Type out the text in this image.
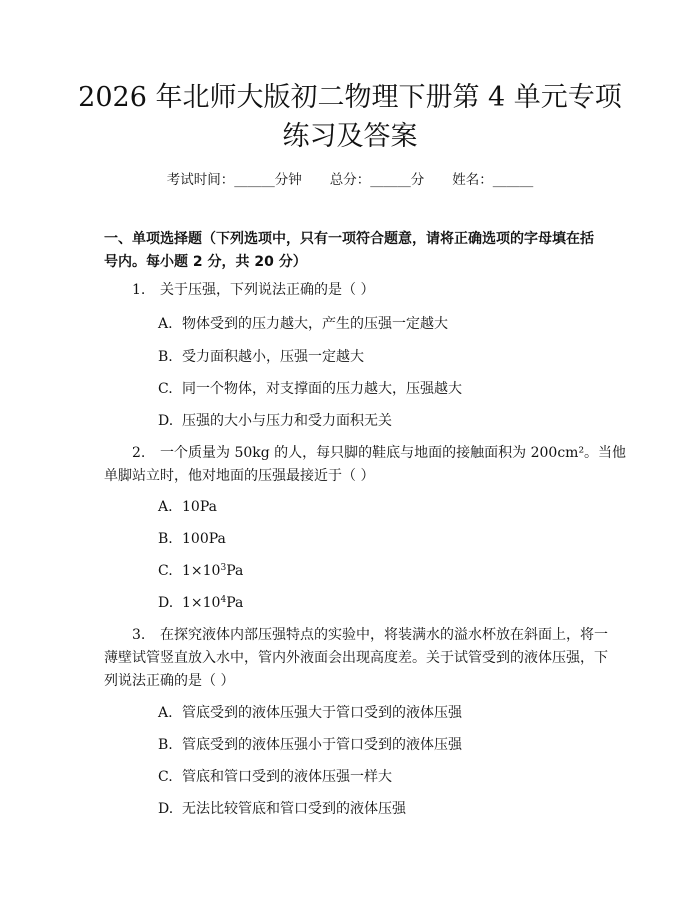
2026 年北师大版初二物理下册第 4 单元专项
练习及答案
考试时间：______分钟 总分：______分 姓名：______
一、单项选择题（下列选项中，只有一项符合题意，请将正确选项的字母填在括
号内。每小题 2 分，共 20 分）
1. 关于压强，下列说法正确的是（ ）
A. 物体受到的压力越大，产生的压强一定越大
B. 受力面积越小，压强一定越大
C. 同一个物体，对支撑面的压力越大，压强越大
D. 压强的大小与压力和受力面积无关
2. 一个质量为 50kg 的人，每只脚的鞋底与地面的接触面积为 200cm²。当他
单脚站立时，他对地面的压强最接近于（ ）
A. 10Pa
B. 100Pa
C. $1\times 10^3Pa$
D. $1\times 10^4Pa$
3. 在探究液体内部压强特点的实验中，将装满水的溢水杯放在斜面上，将一
薄壁试管竖直放入水中，管内外液面会出现高度差。关于试管受到的液体压强，下
列说法正确的是（ ）
A. 管底受到的液体压强大于管口受到的液体压强
B. 管底受到的液体压强小于管口受到的液体压强
C. 管底和管口受到的液体压强一样大
D. 无法比较管底和管口受到的液体压强
